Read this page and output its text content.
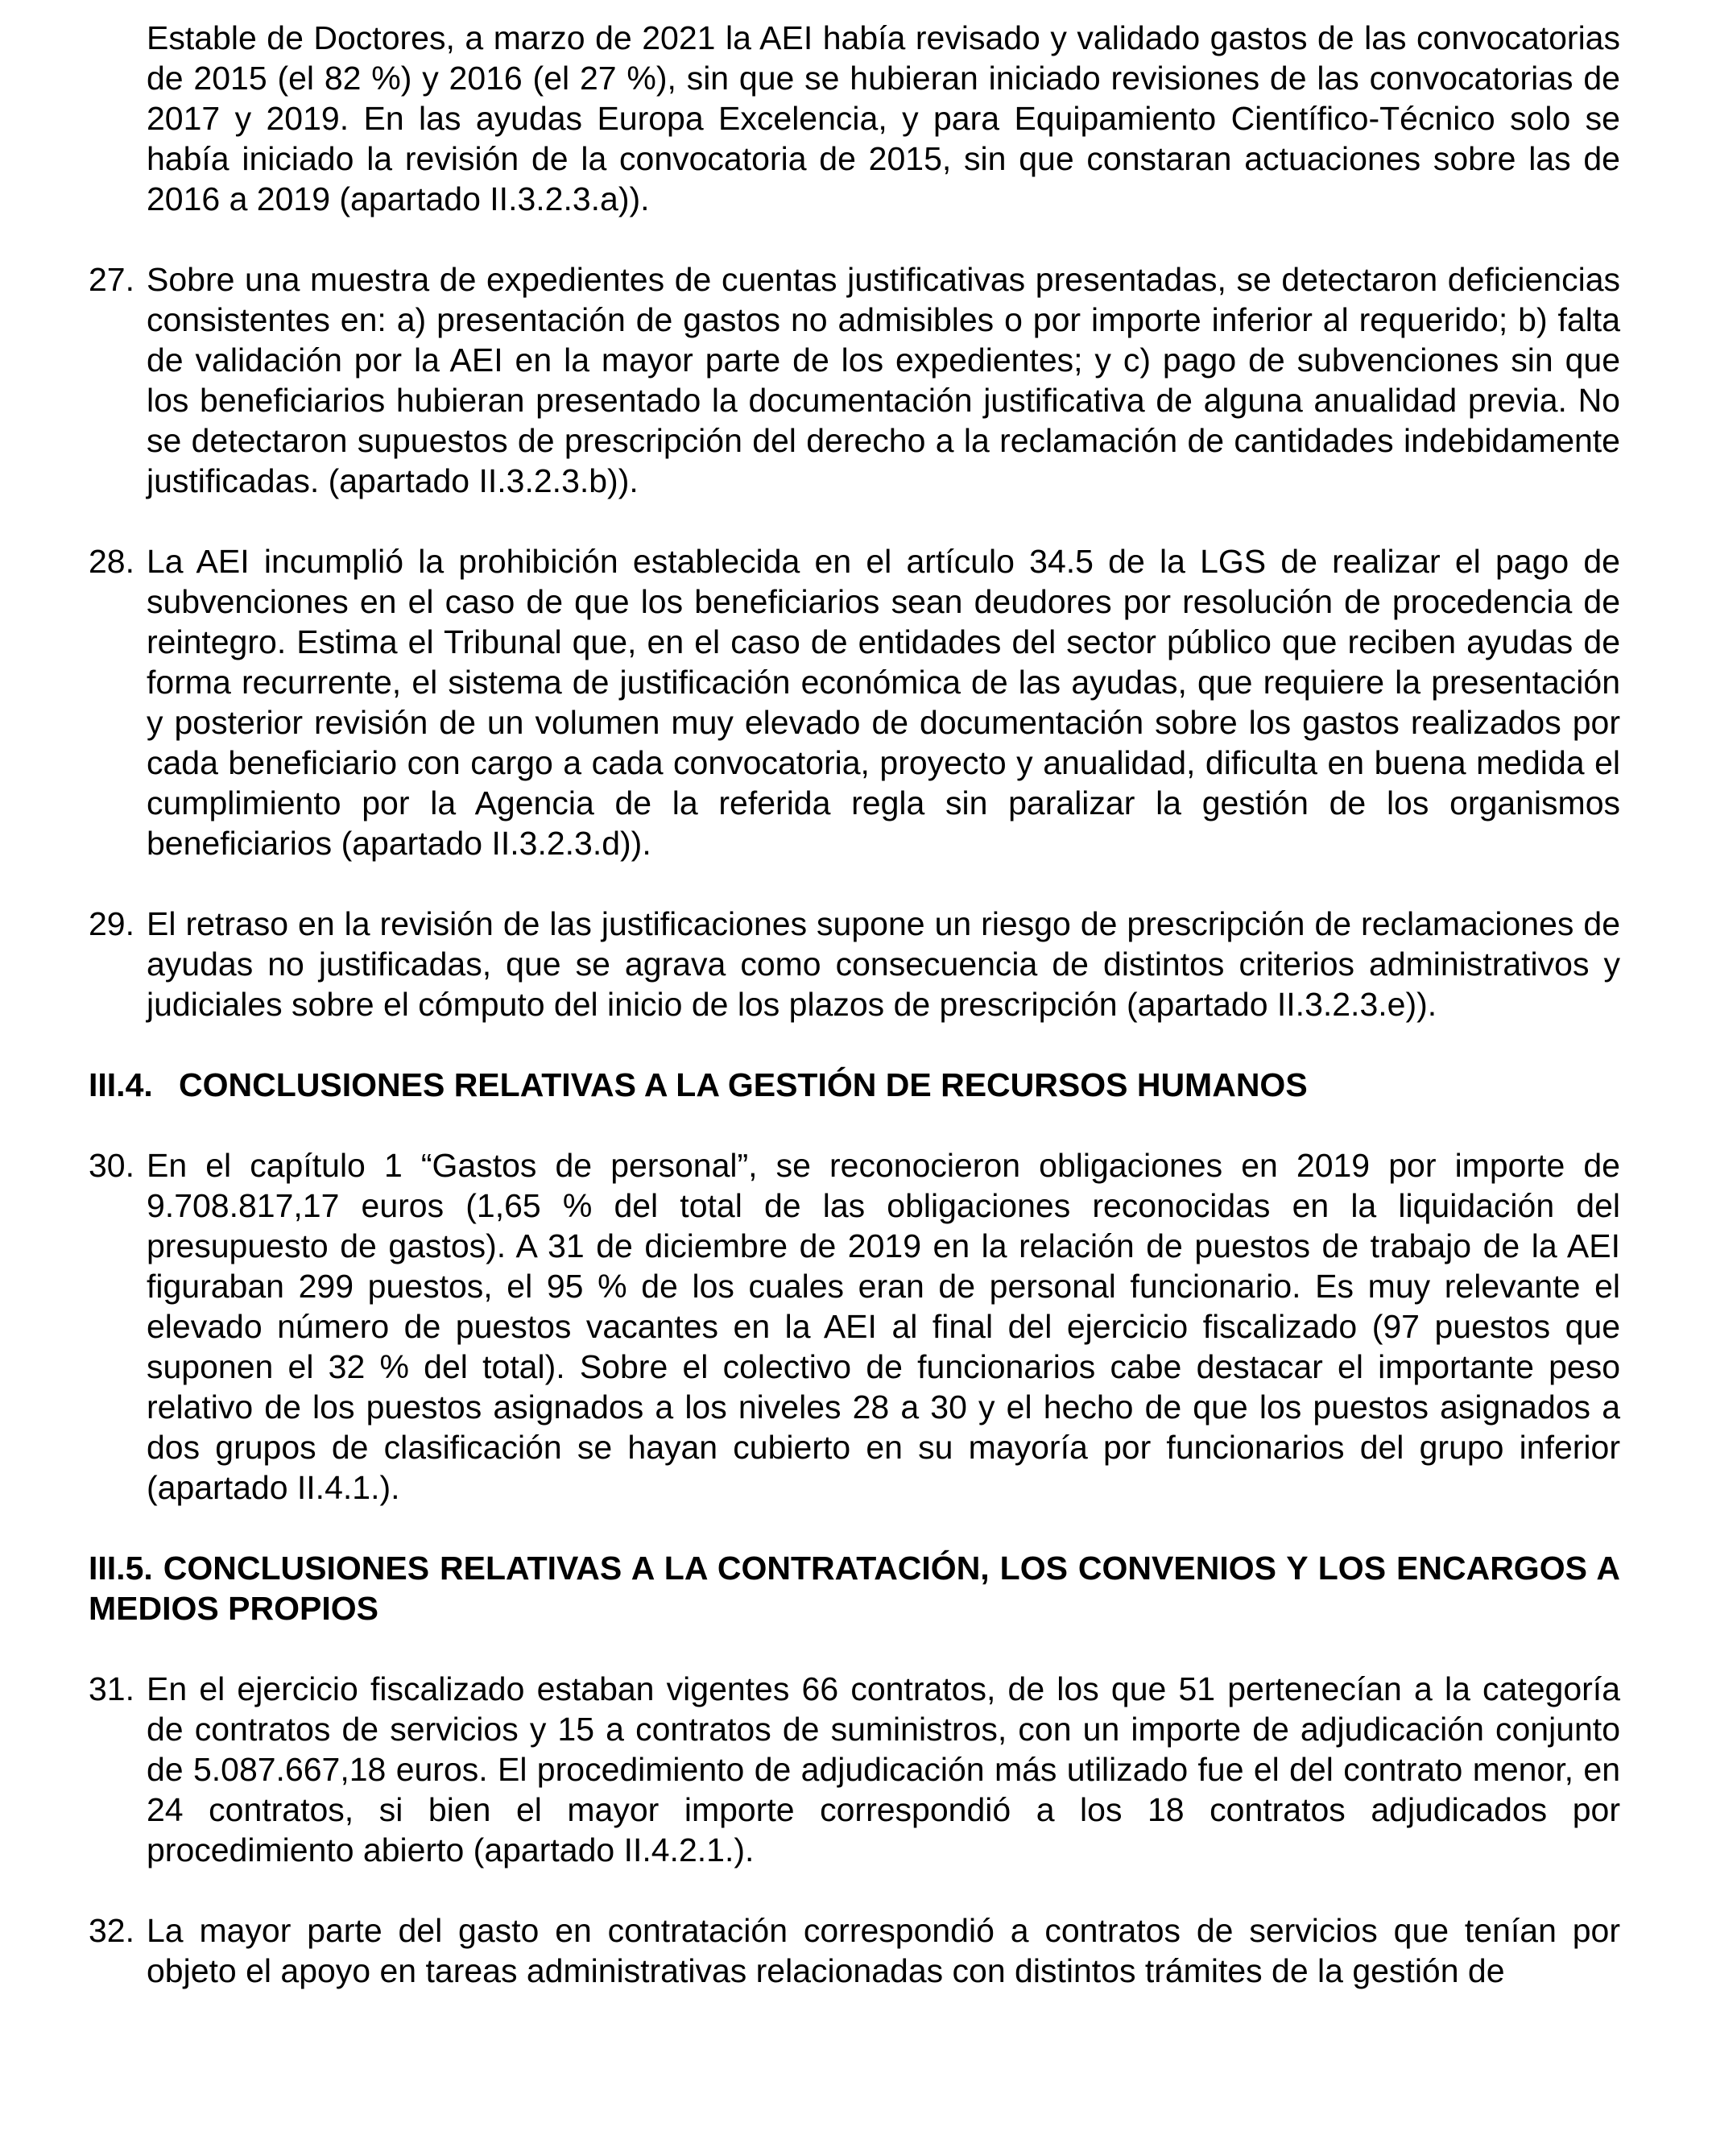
Estable de Doctores, a marzo de 2021 la AEI había revisado y validado gastos de las convocatorias de 2015 (el 82 %) y 2016 (el 27 %), sin que se hubieran iniciado revisiones de las convocatorias de 2017 y 2019. En las ayudas Europa Excelencia, y para Equipamiento Científico-Técnico solo se había iniciado la revisión de la convocatoria de 2015, sin que constaran actuaciones sobre las de 2016 a 2019 (apartado II.3.2.3.a)).

27. Sobre una muestra de expedientes de cuentas justificativas presentadas, se detectaron deficiencias consistentes en: a) presentación de gastos no admisibles o por importe inferior al requerido; b) falta de validación por la AEI en la mayor parte de los expedientes; y c) pago de subvenciones sin que los beneficiarios hubieran presentado la documentación justificativa de alguna anualidad previa. No se detectaron supuestos de prescripción del derecho a la reclamación de cantidades indebidamente justificadas. (apartado II.3.2.3.b)).
28. La AEI incumplió la prohibición establecida en el artículo 34.5 de la LGS de realizar el pago de subvenciones en el caso de que los beneficiarios sean deudores por resolución de procedencia de reintegro. Estima el Tribunal que, en el caso de entidades del sector público que reciben ayudas de forma recurrente, el sistema de justificación económica de las ayudas, que requiere la presentación y posterior revisión de un volumen muy elevado de documentación sobre los gastos realizados por cada beneficiario con cargo a cada convocatoria, proyecto y anualidad, dificulta en buena medida el cumplimiento por la Agencia de la referida regla sin paralizar la gestión de los organismos beneficiarios (apartado II.3.2.3.d)).
29. El retraso en la revisión de las justificaciones supone un riesgo de prescripción de reclamaciones de ayudas no justificadas, que se agrava como consecuencia de distintos criterios administrativos y judiciales sobre el cómputo del inicio de los plazos de prescripción (apartado II.3.2.3.e)).
III.4. CONCLUSIONES RELATIVAS A LA GESTIÓN DE RECURSOS HUMANOS
30. En el capítulo 1 “Gastos de personal”, se reconocieron obligaciones en 2019 por importe de 9.708.817,17 euros (1,65 % del total de las obligaciones reconocidas en la liquidación del presupuesto de gastos). A 31 de diciembre de 2019 en la relación de puestos de trabajo de la AEI figuraban 299 puestos, el 95 % de los cuales eran de personal funcionario. Es muy relevante el elevado número de puestos vacantes en la AEI al final del ejercicio fiscalizado (97 puestos que suponen el 32 % del total). Sobre el colectivo de funcionarios cabe destacar el importante peso relativo de los puestos asignados a los niveles 28 a 30 y el hecho de que los puestos asignados a dos grupos de clasificación se hayan cubierto en su mayoría por funcionarios del grupo inferior (apartado II.4.1.).
III.5. CONCLUSIONES RELATIVAS A LA CONTRATACIÓN, LOS CONVENIOS Y LOS ENCARGOS A MEDIOS PROPIOS
31. En el ejercicio fiscalizado estaban vigentes 66 contratos, de los que 51 pertenecían a la categoría de contratos de servicios y 15 a contratos de suministros, con un importe de adjudicación conjunto de 5.087.667,18 euros. El procedimiento de adjudicación más utilizado fue el del contrato menor, en 24 contratos, si bien el mayor importe correspondió a los 18 contratos adjudicados por procedimiento abierto (apartado II.4.2.1.).
32. La mayor parte del gasto en contratación correspondió a contratos de servicios que tenían por objeto el apoyo en tareas administrativas relacionadas con distintos trámites de la gestión de
